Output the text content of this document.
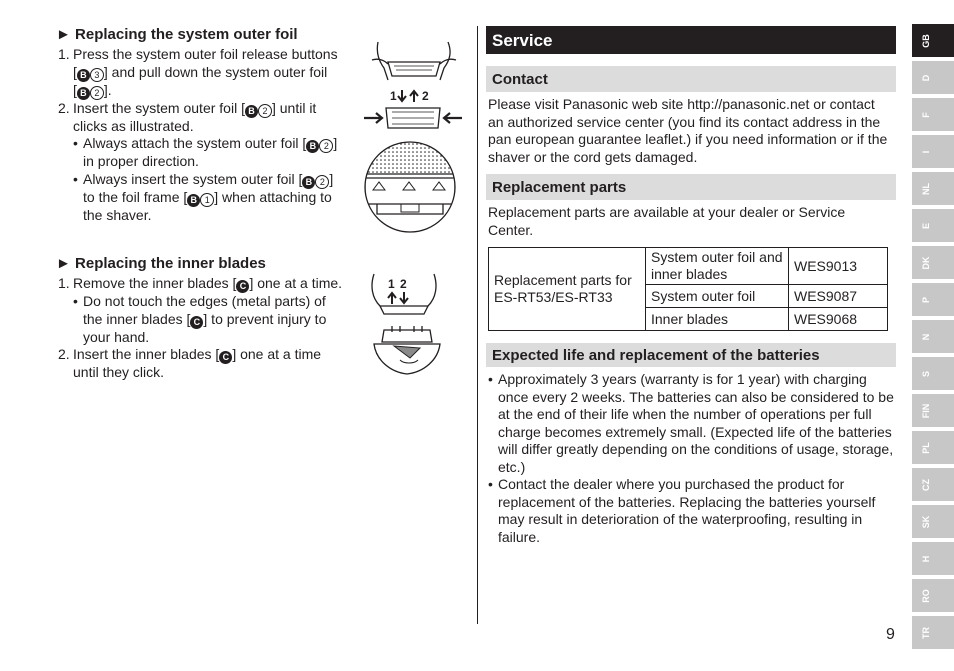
► Replacing the system outer foil

1. Press the system outer foil release buttons
[ B 3 ] and pull down the system outer foil
[ B 2 ].

2. Insert the system outer foil [ B 2 ] until it
clicks as illustrated.

• Always attach the system outer foil [ B 2 ]
in proper direction.

• Always insert the system outer foil [ B 2 ]
to the foil frame [ B 1 ] when attaching to
the shaver.

► Replacing the inner blades

1. Remove the inner blades [ C ] one at a time.

• Do not touch the edges (metal parts) of
the inner blades [ C ] to prevent injury to
your hand.

2. Insert the inner blades [ C ] one at a time
until they click.

1 2
1 2
Service
Contact

Please visit Panasonic web site http://panasonic.net or contact an authorized service center (you find its contact address in the pan european guarantee leaflet.) if you need information or if the shaver or the cord gets damaged.

Replacement parts

Replacement parts are available at your dealer or Service Center.

Replacement parts for ES-RT53/ES-RT33	System outer foil and inner blades	WES9013
	System outer foil	WES9087
	Inner blades	WES9068
Expected life and replacement of the batteries

• Approximately 3 years (warranty is for 1 year) with charging once every 2 weeks. The batteries can also be considered to be at the end of their life when the number of operations per full charge becomes extremely small. (Expected life of the batteries will differ greatly depending on the conditions of usage, storage, etc.)

• Contact the dealer where you purchased the product for replacement of the batteries. Replacing the batteries yourself may result in deterioration of the waterproofing, resulting in failure.

GB
D
F
I
NL
E
DK
P
N
S
FIN
PL
CZ
SK
H
RO
TR
9
